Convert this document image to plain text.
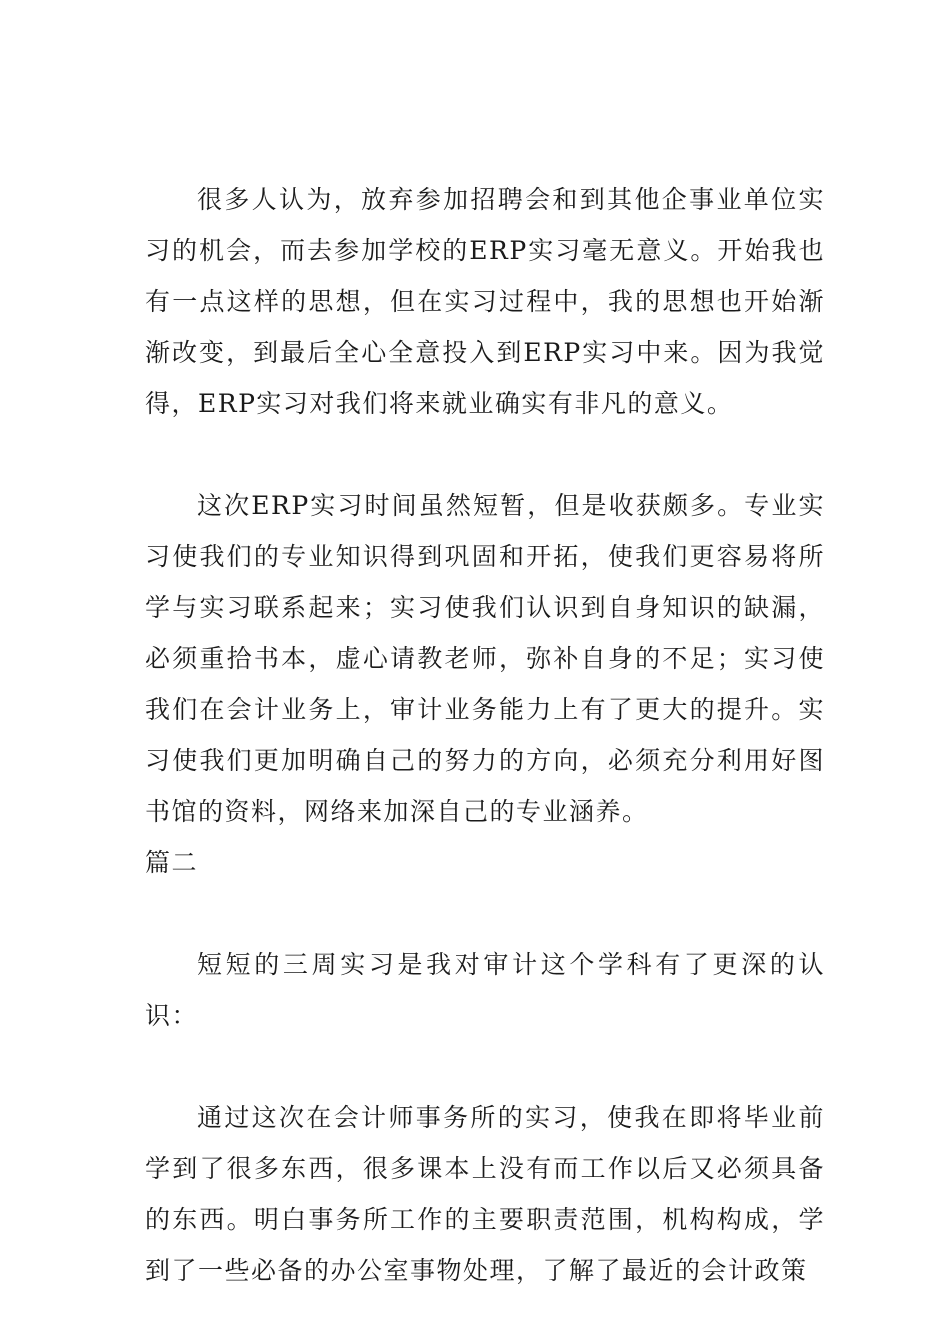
很多人认为，放弃参加招聘会和到其他企事业单位实习的机会，而去参加学校的ERP实习毫无意义。开始我也有一点这样的思想，但在实习过程中，我的思想也开始渐渐改变，到最后全心全意投入到ERP实习中来。因为我觉得，ERP实习对我们将来就业确实有非凡的意义。

这次ERP实习时间虽然短暂，但是收获颇多。专业实习使我们的专业知识得到巩固和开拓，使我们更容易将所学与实习联系起来；实习使我们认识到自身知识的缺漏，必须重拾书本，虚心请教老师，弥补自身的不足；实习使我们在会计业务上，审计业务能力上有了更大的提升。实习使我们更加明确自己的努力的方向，必须充分利用好图书馆的资料，网络来加深自己的专业涵养。

篇二

短短的三周实习是我对审计这个学科有了更深的认识：

通过这次在会计师事务所的实习，使我在即将毕业前学到了很多东西，很多课本上没有而工作以后又必须具备的东西。明白事务所工作的主要职责范围，机构构成，学到了一些必备的办公室事物处理，了解了最近的会计政策
